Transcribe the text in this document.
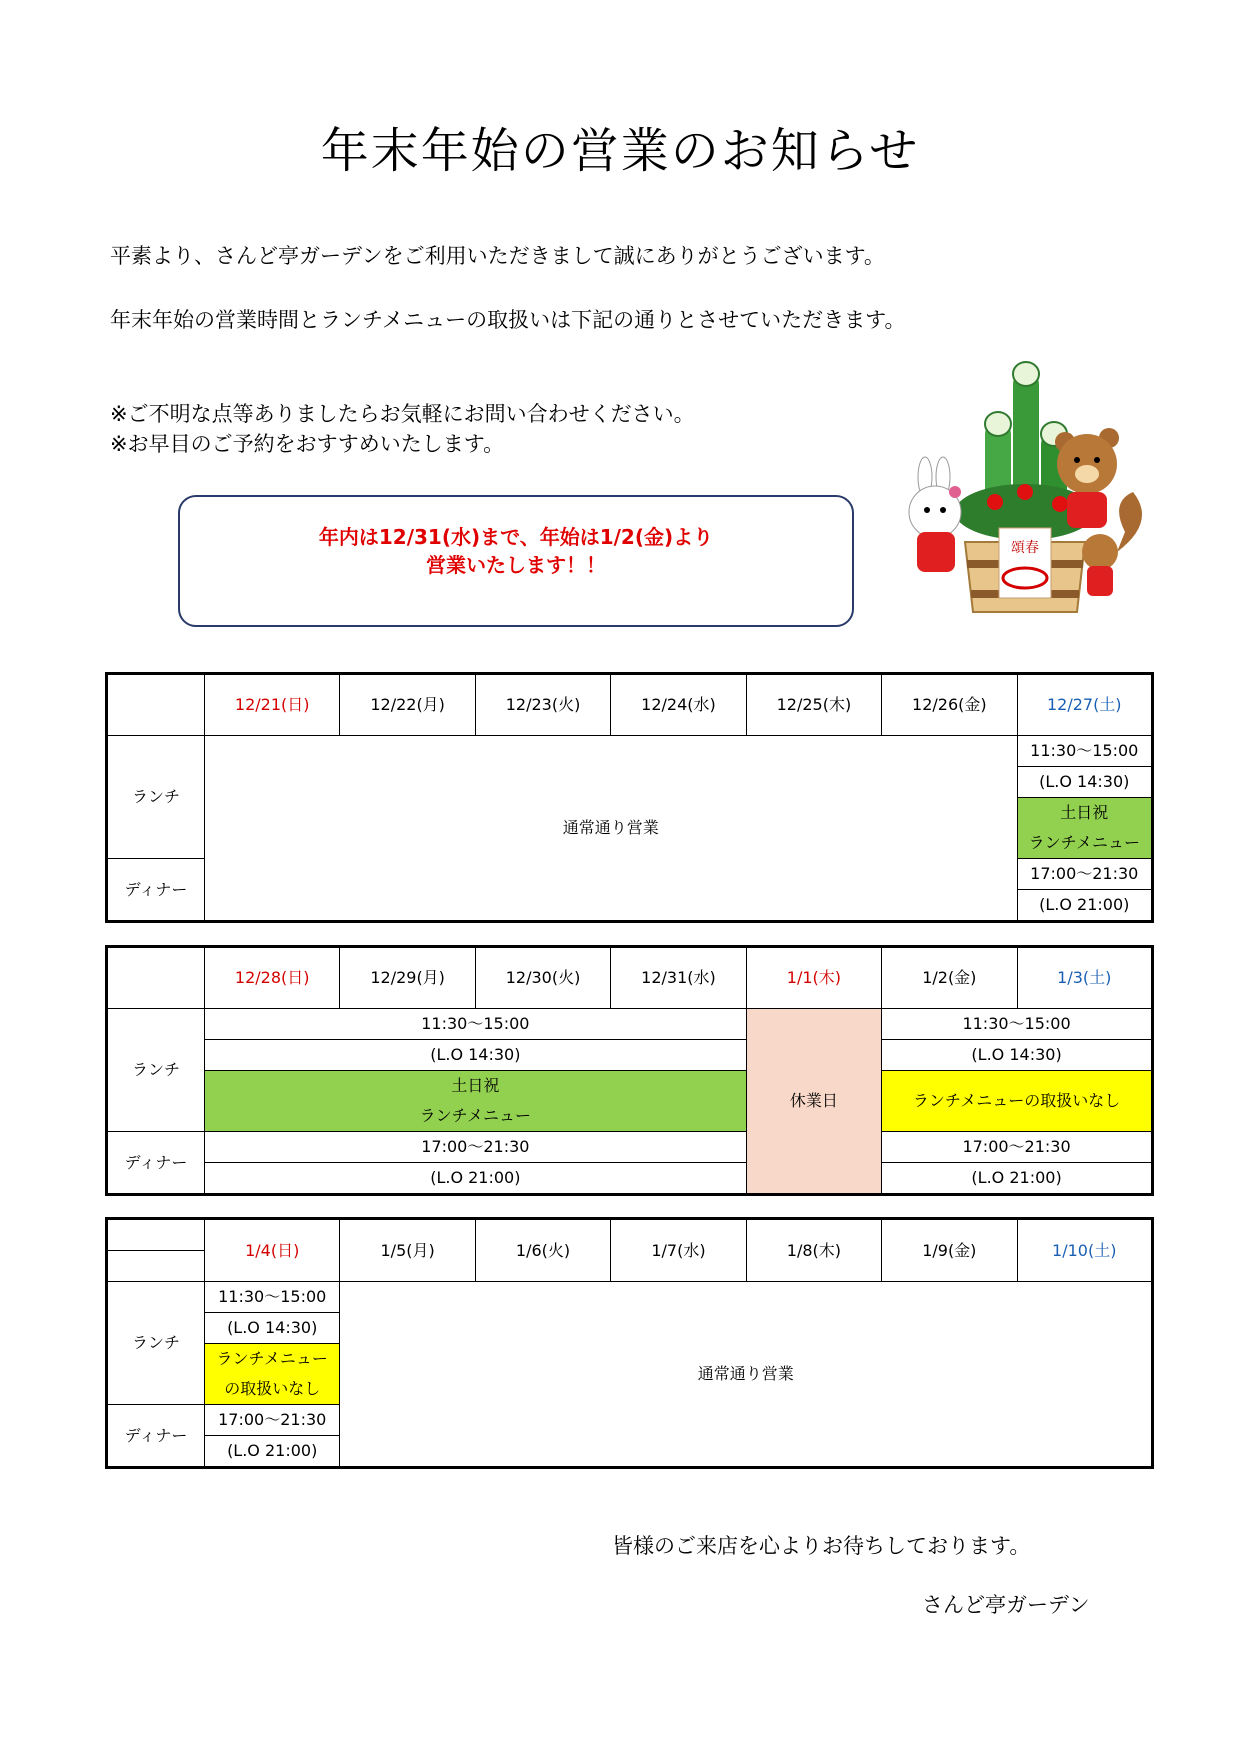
年末年始の営業のお知らせ
平素より、さんど亭ガーデンをご利用いただきまして誠にありがとうございます。
年末年始の営業時間とランチメニューの取扱いは下記の通りとさせていただきます。
※ご不明な点等ありましたらお気軽にお問い合わせください。
※お早目のご予約をおすすめいたします。
年内は12/31(水)まで、年始は1/2(金)より
営業いたします！！
頌春
	12/21(日)	12/22(月)	12/23(火)	12/24(水)	12/25(木)	12/26(金)	12/27(土)
ランチ	通常通り営業						11:30～15:00
							(L.O 14:30)
							土日祝
							ランチメニュー
ディナー							17:00～21:30
							(L.O 21:00)
	12/28(日)	12/29(月)	12/30(火)	12/31(水)	1/1(木)	1/2(金)	1/3(土)
ランチ	11:30～15:00				休業日	11:30～15:00	
	(L.O 14:30)					(L.O 14:30)	
	土日祝					ランチメニューの取扱いなし	
	ランチメニュー						
ディナー	17:00～21:30					17:00～21:30	
	(L.O 21:00)					(L.O 21:00)	
	1/4(日)	1/5(月)	1/6(火)	1/7(水)	1/8(木)	1/9(金)	1/10(土)

ランチ	11:30～15:00	通常通り営業					
	(L.O 14:30)						
	ランチメニュー						
	の取扱いなし						
ディナー	17:00～21:30						
	(L.O 21:00)						
皆様のご来店を心よりお待ちしております。
さんど亭ガーデン
